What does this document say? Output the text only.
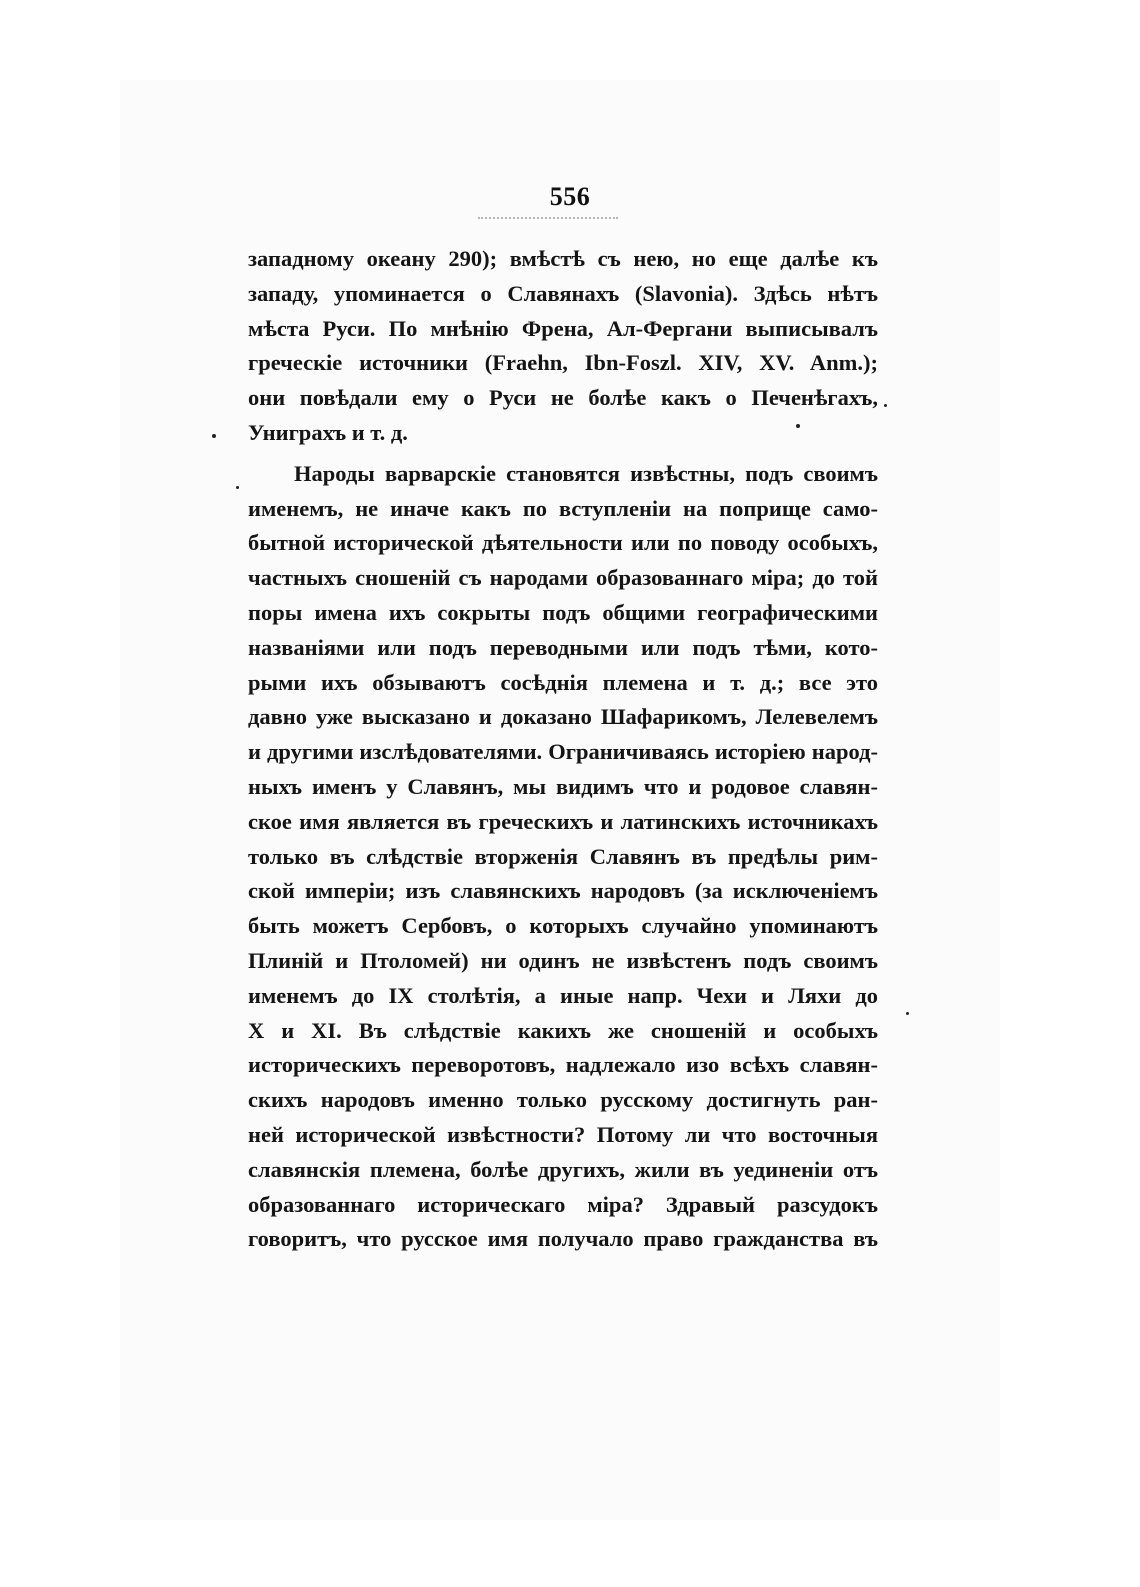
556
западному океану 290); вмѣстѣ съ нею, но еще далѣе къ
западу, упоминается о Славянахъ (Slavonia). Здѣсь нѣтъ
мѣста Руси. По мнѣнію Френа, Ал-Фергани выписывалъ
греческіе источники (Fraehn, Ibn-Foszl. XIV, XV. Anm.);
они повѣдали ему о Руси не болѣе какъ о Печенѣгахъ,
Униграхъ и т. д.
Народы варварскіе становятся извѣстны, подъ своимъ
именемъ, не иначе какъ по вступленіи на поприще само-
бытной исторической дѣятельности или по поводу особыхъ,
частныхъ сношеній съ народами образованнаго міра; до той
поры имена ихъ сокрыты подъ общими географическими
названіями или подъ переводными или подъ тѣми, кото-
рыми ихъ обзываютъ сосѣднія племена и т. д.; все это
давно уже высказано и доказано Шафарикомъ, Лелевелемъ
и другими изслѣдователями. Ограничиваясь исторіею народ-
ныхъ именъ у Славянъ, мы видимъ что и родовое славян-
ское имя является въ греческихъ и латинскихъ источникахъ
только въ слѣдствіе вторженія Славянъ въ предѣлы рим-
ской имперіи; изъ славянскихъ народовъ (за исключеніемъ
быть можетъ Сербовъ, о которыхъ случайно упоминаютъ
Плиній и Птоломей) ни одинъ не извѣстенъ подъ своимъ
именемъ до IX столѣтія, а иные напр. Чехи и Ляхи до
X и XI. Въ слѣдствіе какихъ же сношеній и особыхъ
историческихъ переворотовъ, надлежало изо всѣхъ славян-
скихъ народовъ именно только русскому достигнуть ран-
ней исторической извѣстности? Потому ли что восточныя
славянскія племена, болѣе другихъ, жили въ уединеніи отъ
образованнаго историческаго міра? Здравый разсудокъ
говоритъ, что русское имя получало право гражданства въ
